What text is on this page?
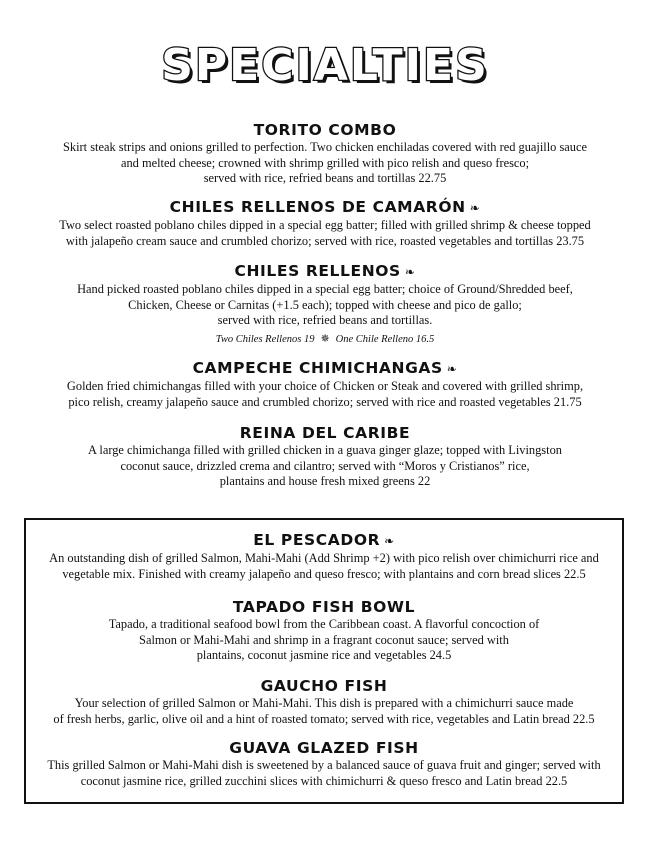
SPECIALTIES
TORITO COMBO
Skirt steak strips and onions grilled to perfection. Two chicken enchiladas covered with red guajillo sauce
and melted cheese; crowned with shrimp grilled with pico relish and queso fresco;
served with rice, refried beans and tortillas 22.75
CHILES RELLENOS DE CAMARÓN ❧
Two select roasted poblano chiles dipped in a special egg batter; filled with grilled shrimp & cheese topped
with jalapeño cream sauce and crumbled chorizo; served with rice, roasted vegetables and tortillas 23.75
CHILES RELLENOS ❧
Hand picked roasted poblano chiles dipped in a special egg batter; choice of Ground/Shredded beef,
Chicken, Cheese or Carnitas (+1.5 each); topped with cheese and pico de gallo;
served with rice, refried beans and tortillas.
Two Chiles Rellenos 19 ✵ One Chile Relleno 16.5
CAMPECHE CHIMICHANGAS ❧
Golden fried chimichangas filled with your choice of Chicken or Steak and covered with grilled shrimp,
pico relish, creamy jalapeño sauce and crumbled chorizo; served with rice and roasted vegetables 21.75
REINA DEL CARIBE
A large chimichanga filled with grilled chicken in a guava ginger glaze; topped with Livingston
coconut sauce, drizzled crema and cilantro; served with “Moros y Cristianos” rice,
plantains and house fresh mixed greens 22
EL PESCADOR ❧
An outstanding dish of grilled Salmon, Mahi-Mahi (Add Shrimp +2) with pico relish over chimichurri rice and
vegetable mix. Finished with creamy jalapeño and queso fresco; with plantains and corn bread slices 22.5
TAPADO FISH BOWL
Tapado, a traditional seafood bowl from the Caribbean coast. A flavorful concoction of
Salmon or Mahi-Mahi and shrimp in a fragrant coconut sauce; served with
plantains, coconut jasmine rice and vegetables 24.5
GAUCHO FISH
Your selection of grilled Salmon or Mahi-Mahi. This dish is prepared with a chimichurri sauce made
of fresh herbs, garlic, olive oil and a hint of roasted tomato; served with rice, vegetables and Latin bread 22.5
GUAVA GLAZED FISH
This grilled Salmon or Mahi-Mahi dish is sweetened by a balanced sauce of guava fruit and ginger; served with
coconut jasmine rice, grilled zucchini slices with chimichurri & queso fresco and Latin bread 22.5
